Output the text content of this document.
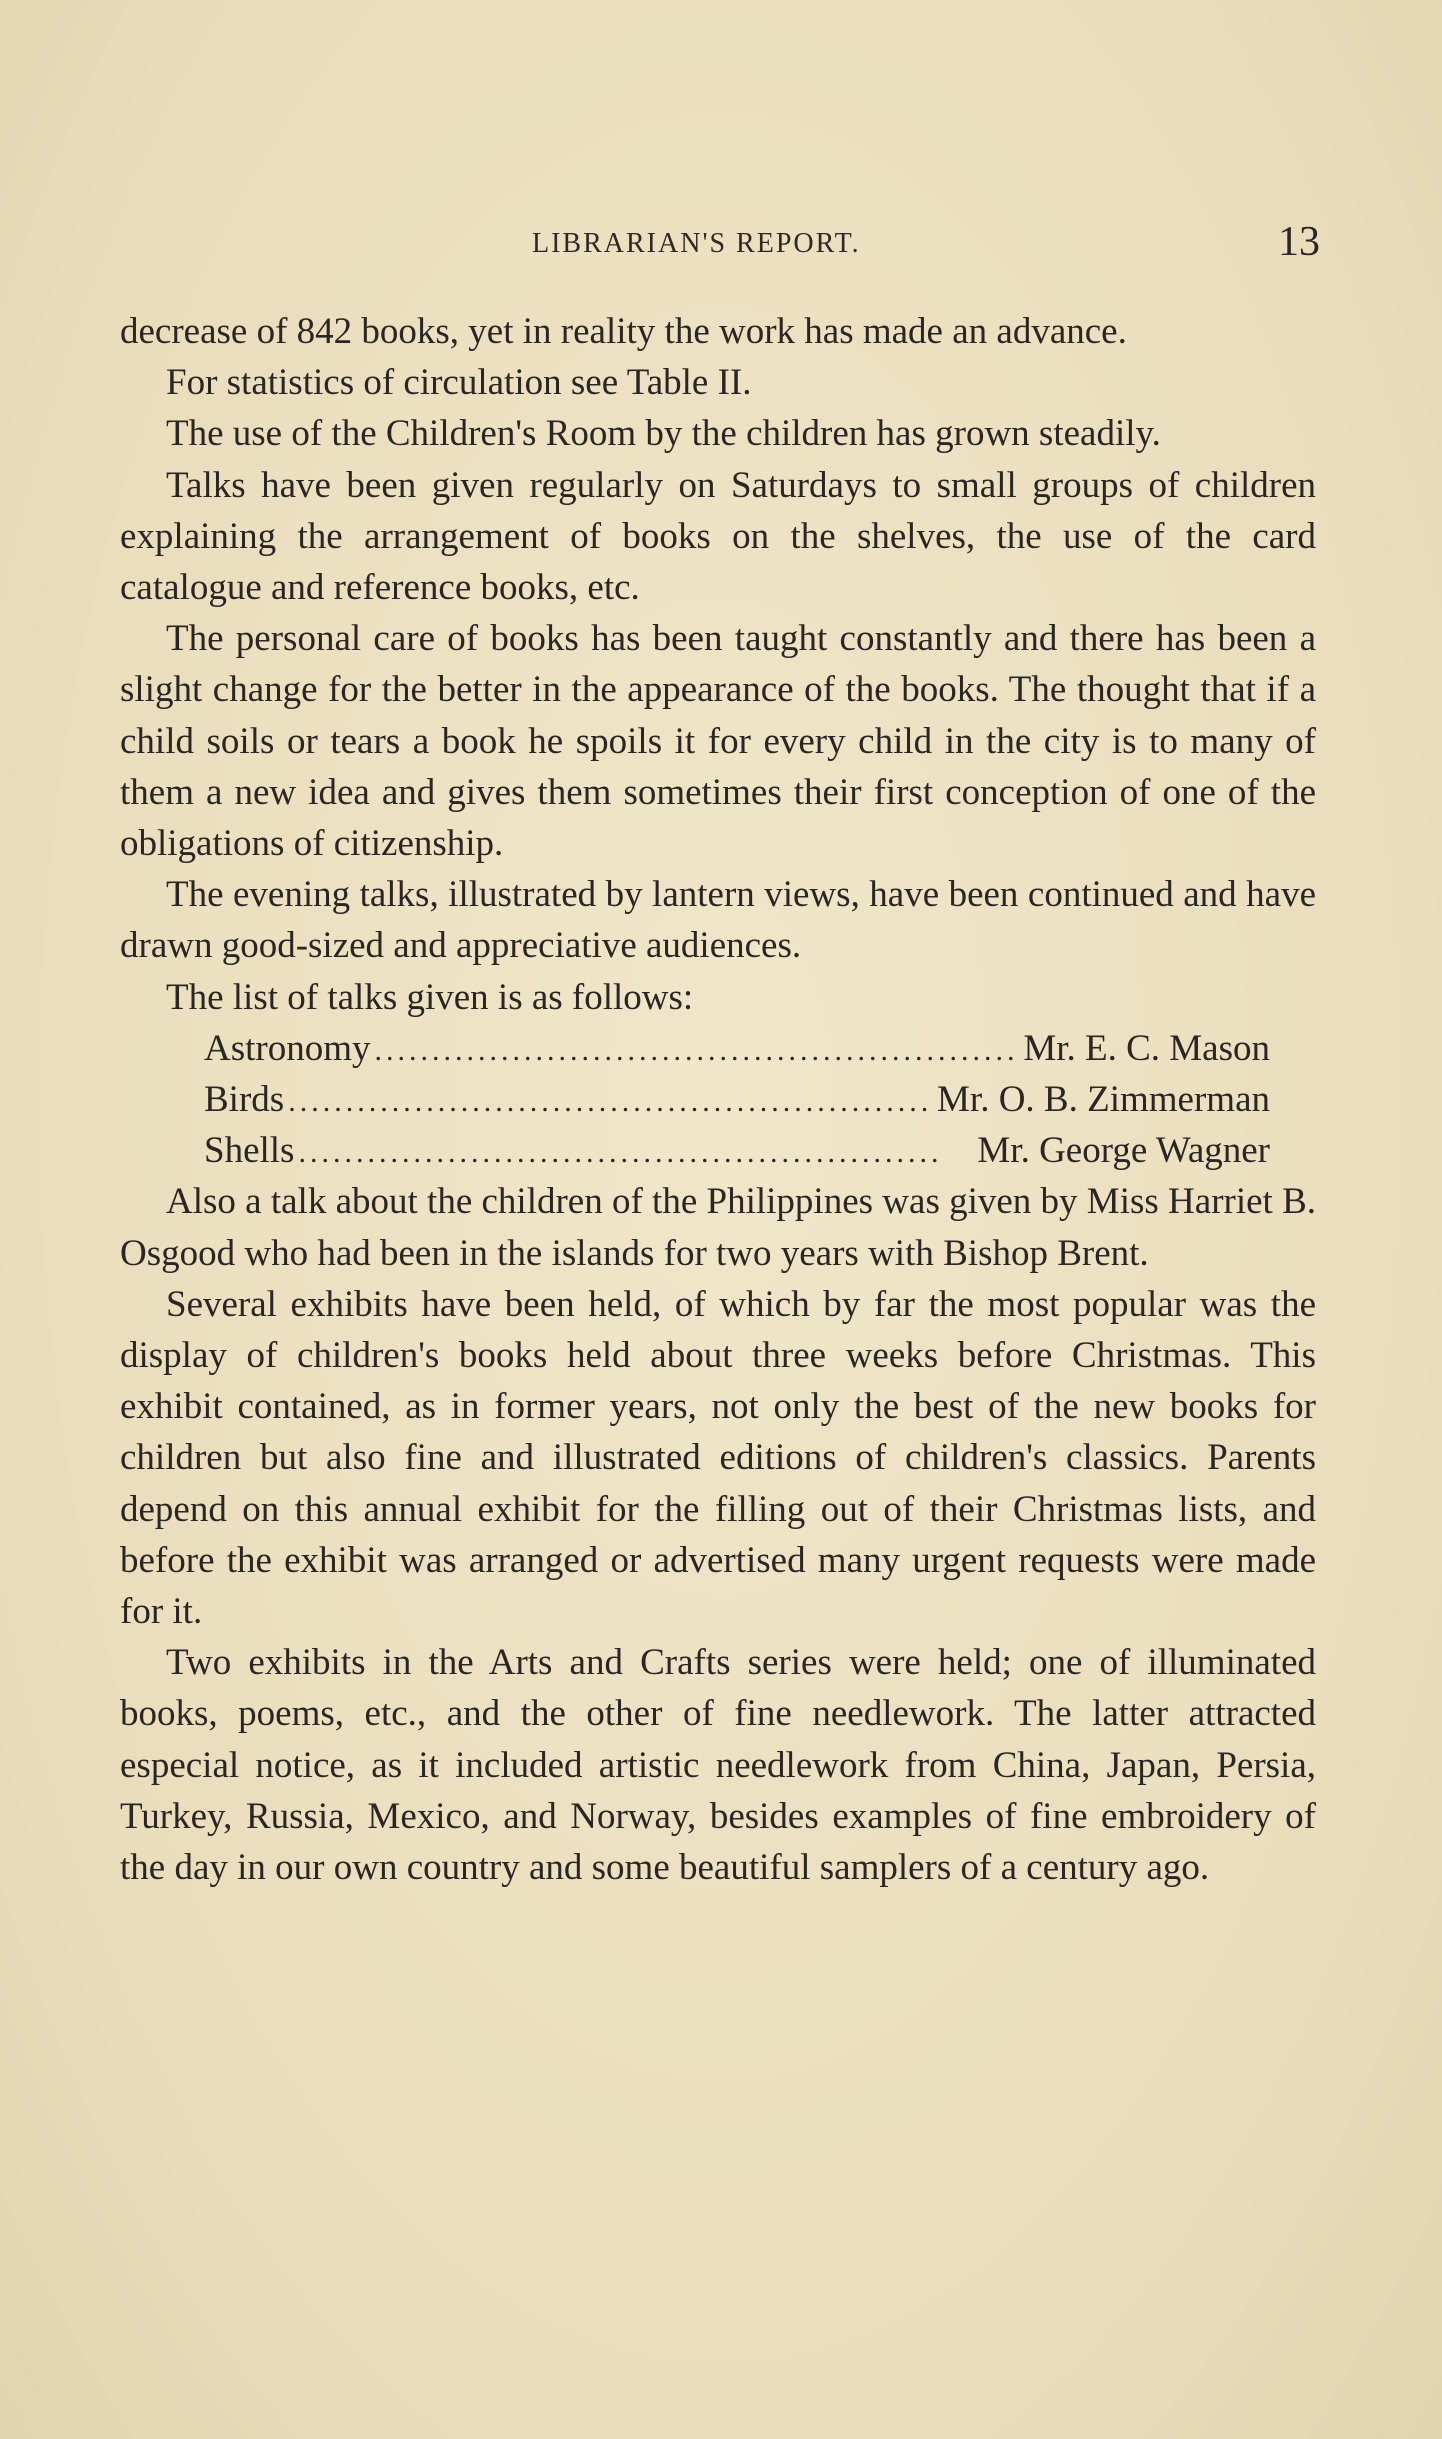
LIBRARIAN'S REPORT.	13

decrease of 842 books, yet in reality the work has made an advance.

For statistics of circulation see Table II.

The use of the Children's Room by the children has grown steadily.

Talks have been given regularly on Saturdays to small groups of children explaining the arrangement of books on the shelves, the use of the card catalogue and reference books, etc.

The personal care of books has been taught constantly and there has been a slight change for the better in the appearance of the books. The thought that if a child soils or tears a book he spoils it for every child in the city is to many of them a new idea and gives them sometimes their first conception of one of the obligations of citizenship.

The evening talks, illustrated by lantern views, have been continued and have drawn good-sized and appreciative audiences.

The list of talks given is as follows:

Astronomy ........................................................ Mr. E. C. Mason
Birds ........................................................ Mr. O. B. Zimmerman
Shells ........................................................ Mr. George Wagner

Also a talk about the children of the Philippines was given by Miss Harriet B. Osgood who had been in the islands for two years with Bishop Brent.

Several exhibits have been held, of which by far the most popular was the display of children's books held about three weeks before Christmas. This exhibit contained, as in former years, not only the best of the new books for children but also fine and illustrated editions of children's classics. Parents depend on this annual exhibit for the filling out of their Christmas lists, and before the exhibit was arranged or advertised many urgent requests were made for it.

Two exhibits in the Arts and Crafts series were held; one of illuminated books, poems, etc., and the other of fine needlework. The latter attracted especial notice, as it included artistic needlework from China, Japan, Persia, Turkey, Russia, Mexico, and Norway, besides examples of fine embroidery of the day in our own country and some beautiful samplers of a century ago.
